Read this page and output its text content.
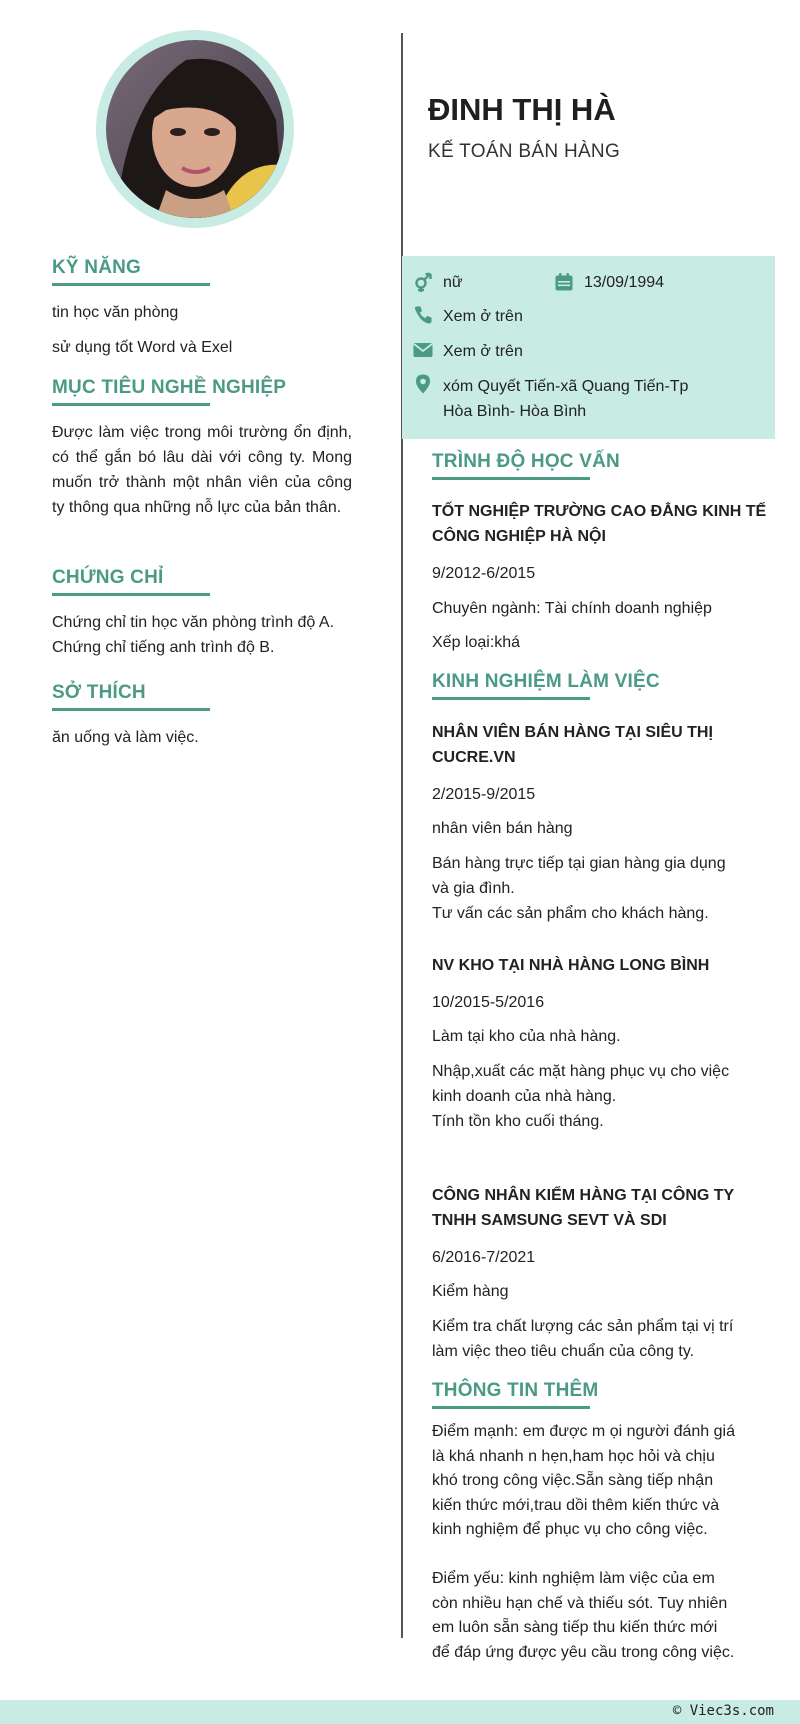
KỸ NĂNG
tin học văn phòng
sử dụng tốt Word và Exel
MỤC TIÊU NGHỀ NGHIỆP
Được làm việc trong môi trường ổn định, có thể gắn bó lâu dài với công ty. Mong muốn trở thành một nhân viên của công ty thông qua những nỗ lực của bản thân.
CHỨNG CHỈ
Chứng chỉ tin học văn phòng trình độ A.
Chứng chỉ tiếng anh trình độ B.
SỞ THÍCH
ăn uống và làm việc.
ĐINH THỊ HÀ
KẾ TOÁN BÁN HÀNG
nữ	13/09/1994
Xem ở trên
Xem ở trên
xóm Quyết Tiến-xã Quang Tiến-Tp
Hòa Bình- Hòa Bình
TRÌNH ĐỘ HỌC VẤN
TỐT NGHIỆP TRƯỜNG CAO ĐẲNG KINH TẾ
CÔNG NGHIỆP HÀ NỘI
9/2012-6/2015
Chuyên ngành: Tài chính doanh nghiệp
Xếp loại:khá
KINH NGHIỆM LÀM VIỆC
NHÂN VIÊN BÁN HÀNG TẠI SIÊU THỊ
CUCRE.VN
2/2015-9/2015
nhân viên bán hàng
Bán hàng trực tiếp tại gian hàng gia dụng
và gia đình.
Tư vấn các sản phẩm cho khách hàng.
NV KHO TẠI NHÀ HÀNG LONG BÌNH
10/2015-5/2016
Làm tại kho của nhà hàng.
Nhập,xuất các mặt hàng phục vụ cho việc
kinh doanh của nhà hàng.
Tính tồn kho cuối tháng.
CÔNG NHÂN KIỂM HÀNG TẠI CÔNG TY
TNHH SAMSUNG SEVT VÀ SDI
6/2016-7/2021
Kiểm hàng
Kiểm tra chất lượng các sản phẩm tại vị trí
làm việc theo tiêu chuẩn của công ty.
THÔNG TIN THÊM
Điểm mạnh: em được m ọi người đánh giá
là khá nhanh n hẹn,ham học hỏi và chịu
khó trong công việc.Sẵn sàng tiếp nhận
kiến thức mới,trau dồi thêm kiến thức và
kinh nghiệm để phục vụ cho công việc.
Điểm yếu: kinh nghiệm làm việc của em
còn nhiều hạn chế và thiếu sót. Tuy nhiên
em luôn sẵn sàng tiếp thu kiến thức mới
để đáp ứng được yêu cầu trong công việc.
© Viec3s.com
